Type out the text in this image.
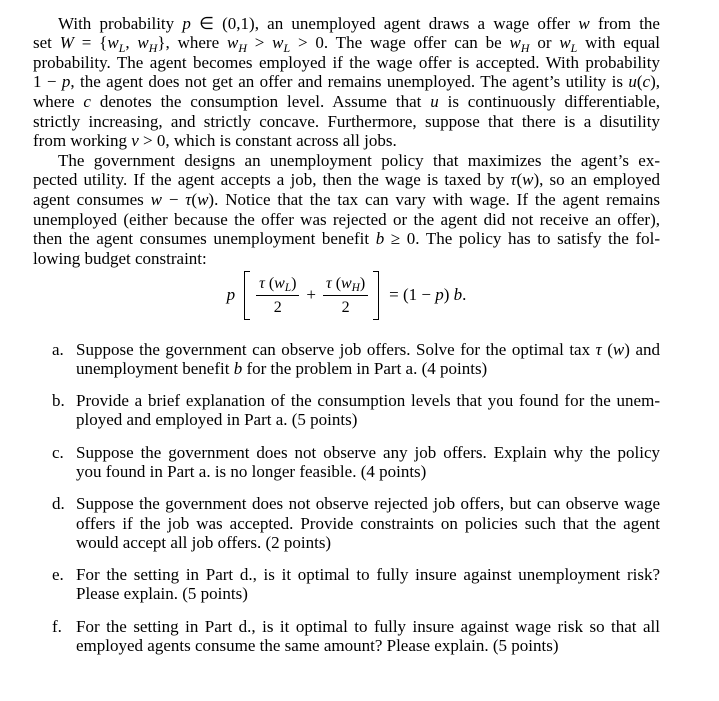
With probability p ∈ (0,1), an unemployed agent draws a wage offer w from the
set $W = \{w_L$, $w_H$}, where $w_H > w_L > 0$. The wage offer can be $w_H$ or $w_L$ with equal
probability. The agent becomes employed if the wage offer is accepted. With probability
1 − p, the agent does not get an offer and remains unemployed. The agent’s utility is u(c),
where c denotes the consumption level. Assume that u is continuously differentiable,
strictly increasing, and strictly concave. Furthermore, suppose that there is a disutility
from working v > 0, which is constant across all jobs.
The government designs an unemployment policy that maximizes the agent’s ex-
pected utility. If the agent accepts a job, then the wage is taxed by τ(w), so an employed
agent consumes w − τ(w). Notice that the tax can vary with wage. If the agent remains
unemployed (either because the offer was rejected or the agent did not receive an offer),
then the agent consumes unemployment benefit b ≥ 0. The policy has to satisfy the fol-
lowing budget constraint:
p $\frac{\tau (w_L)}{2} + \frac{\tau (w_H)}{2} = (1 - p)$ b.
a. Suppose the government can observe job offers. Solve for the optimal tax τ (w) and
unemployment benefit b for the problem in Part a. (4 points)
b. Provide a brief explanation of the consumption levels that you found for the unem-
ployed and employed in Part a. (5 points)
c. Suppose the government does not observe any job offers. Explain why the policy
you found in Part a. is no longer feasible. (4 points)
d. Suppose the government does not observe rejected job offers, but can observe wage
offers if the job was accepted. Provide constraints on policies such that the agent
would accept all job offers. (2 points)
e. For the setting in Part d., is it optimal to fully insure against unemployment risk?
Please explain. (5 points)
f. For the setting in Part d., is it optimal to fully insure against wage risk so that all
employed agents consume the same amount? Please explain. (5 points)
